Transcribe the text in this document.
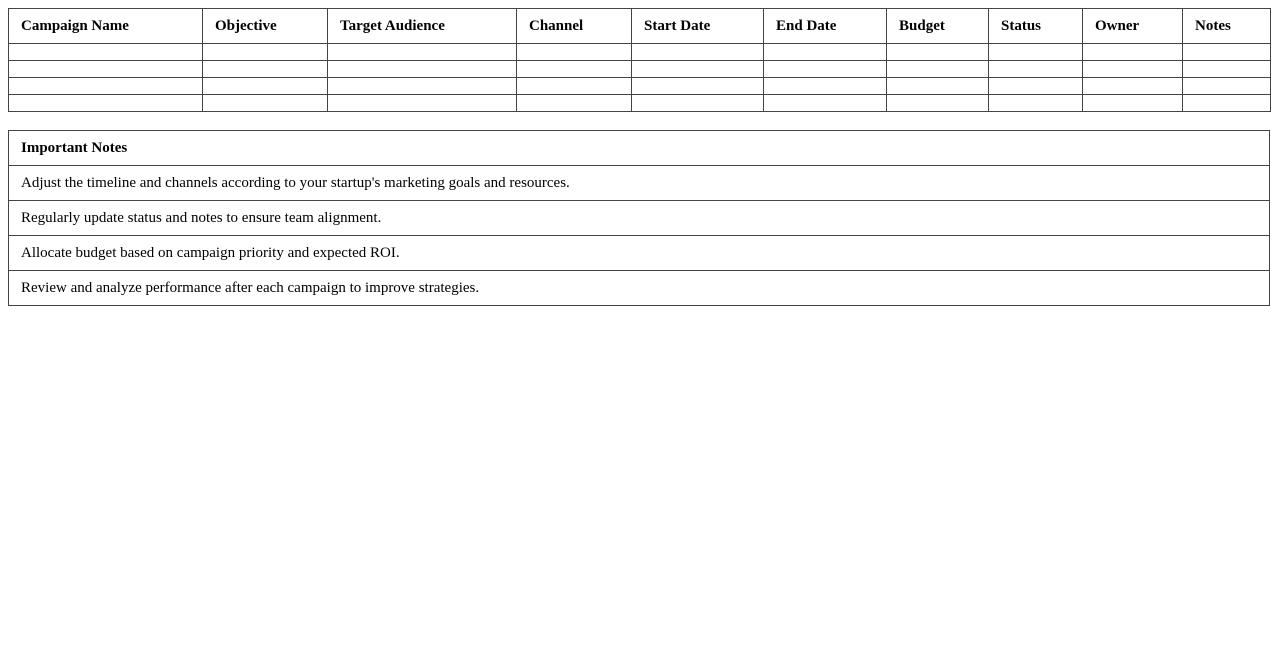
Campaign Name	Objective	Target Audience	Channel	Start Date	End Date	Budget	Status	Owner	Notes

Important Notes
Adjust the timeline and channels according to your startup's marketing goals and resources.
Regularly update status and notes to ensure team alignment.
Allocate budget based on campaign priority and expected ROI.
Review and analyze performance after each campaign to improve strategies.
